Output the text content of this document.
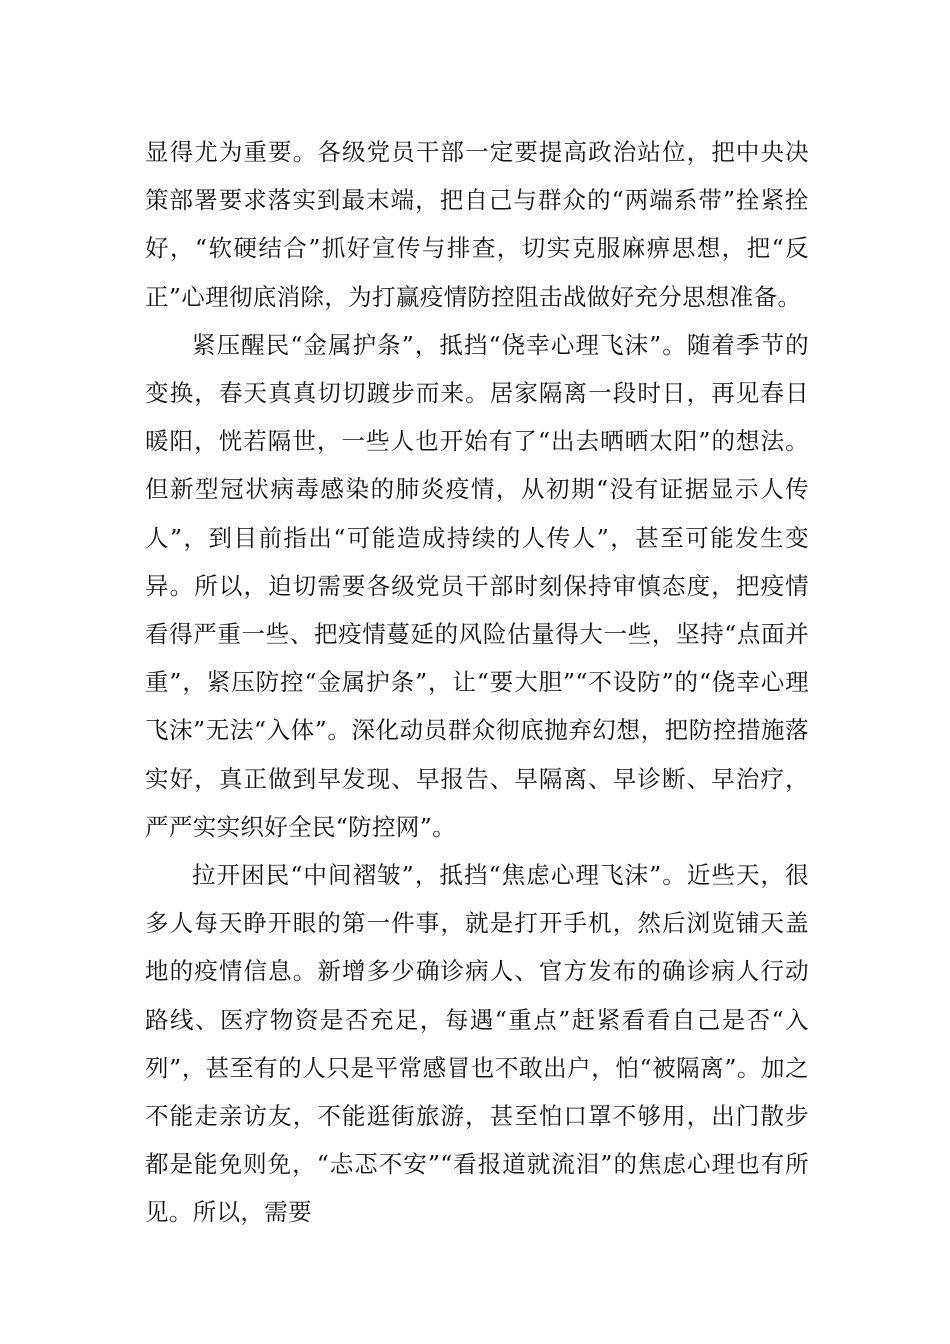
显得尤为重要。各级党员干部一定要提高政治站位，把中央决策部署要求落实到最末端，把自己与群众的“两端系带”拴紧拴好，“软硬结合”抓好宣传与排查，切实克服麻痹思想，把“反正”心理彻底消除，为打赢疫情防控阻击战做好充分思想准备。

紧压醒民“金属护条”，抵挡“侥幸心理飞沫”。随着季节的变换，春天真真切切踱步而来。居家隔离一段时日，再见春日暖阳，恍若隔世，一些人也开始有了“出去晒晒太阳”的想法。但新型冠状病毒感染的肺炎疫情，从初期“没有证据显示人传人”，到目前指出“可能造成持续的人传人”，甚至可能发生变异。所以，迫切需要各级党员干部时刻保持审慎态度，把疫情看得严重一些、把疫情蔓延的风险估量得大一些，坚持“点面并重”，紧压防控“金属护条”，让“要大胆”“不设防”的“侥幸心理飞沫”无法“入体”。深化动员群众彻底抛弃幻想，把防控措施落实好，真正做到早发现、早报告、早隔离、早诊断、早治疗，严严实实织好全民“防控网”。

拉开困民“中间褶皱”，抵挡“焦虑心理飞沫”。近些天，很多人每天睁开眼的第一件事，就是打开手机，然后浏览铺天盖地的疫情信息。新增多少确诊病人、官方发布的确诊病人行动路线、医疗物资是否充足，每遇“重点”赶紧看看自己是否“入列”，甚至有的人只是平常感冒也不敢出户，怕“被隔离”。加之不能走亲访友，不能逛街旅游，甚至怕口罩不够用，出门散步都是能免则免，“忐忑不安”“看报道就流泪”的焦虑心理也有所见。所以，需要
